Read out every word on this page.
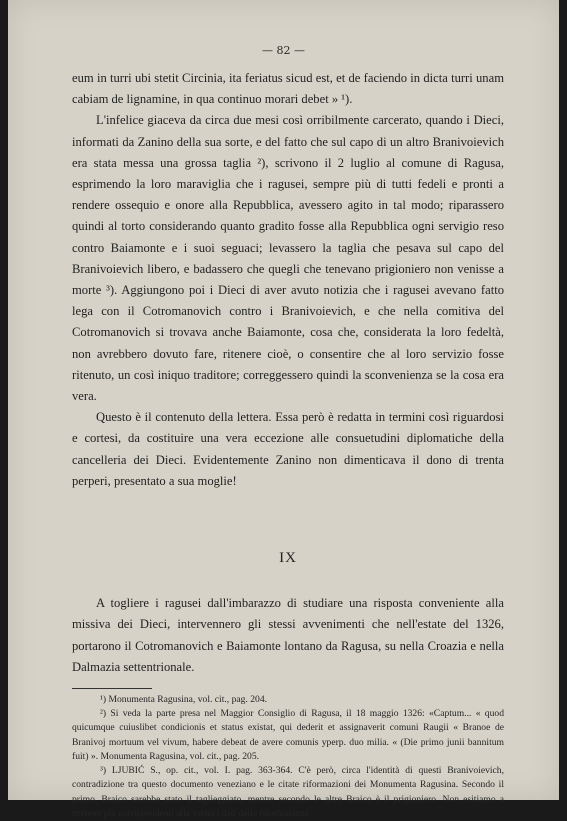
— 82 —

eum in turri ubi stetit Circinia, ita feriatus sicud est, et de faciendo in dicta turri unam cabiam de lignamine, in qua continuo morari debet » ¹).

L'infelice giaceva da circa due mesi così orribilmente carcerato, quando i Dieci, informati da Zanino della sua sorte, e del fatto che sul capo di un altro Branivoievich era stata messa una grossa taglia ²), scrivono il 2 luglio al comune di Ragusa, esprimendo la loro maraviglia che i ragusei, sempre più di tutti fedeli e pronti a rendere ossequio e onore alla Repubblica, avessero agito in tal modo; riparassero quindi al torto considerando quanto gradito fosse alla Repubblica ogni servigio reso contro Baiamonte e i suoi seguaci; levassero la taglia che pesava sul capo del Branivoievich libero, e badassero che quegli che tenevano prigioniero non venisse a morte ³). Aggiungono poi i Dieci di aver avuto notizia che i ragusei avevano fatto lega con il Cotromanovich contro i Branivoievich, e che nella comitiva del Cotromanovich si trovava anche Baiamonte, cosa che, considerata la loro fedeltà, non avrebbero dovuto fare, ritenere cioè, o consentire che al loro servizio fosse ritenuto, un così iniquo traditore; correggessero quindi la sconvenienza se la cosa era vera.

Questo è il contenuto della lettera. Essa però è redatta in termini così riguardosi e cortesi, da costituire una vera eccezione alle consuetudini diplomatiche della cancelleria dei Dieci. Evidentemente Zanino non dimenticava il dono di trenta perperi, presentato a sua moglie!

IX

A togliere i ragusei dall'imbarazzo di studiare una risposta conveniente alla missiva dei Dieci, intervennero gli stessi avvenimenti che nell'estate del 1326, portarono il Cotromanovich e Baiamonte lontano da Ragusa, su nella Croazia e nella Dalmazia settentrionale.

¹) Monumenta Ragusina, vol. cit., pag. 204.

²) Si veda la parte presa nel Maggior Consiglio di Ragusa, il 18 maggio 1326: «Captum... « quod quicumque cuiuslibet condicionis et status existat, qui dederit et assignaverit comuni Raugii « Branoe de Branivoj mortuum vel vivum, habere debeat de avere comunis yperp. duo milia. « (Die primo junii bannitum fuit) ». Monumenta Ragusina, vol. cit., pag. 205.

³) LJUBIĆ S., op. cit., vol. I. pag. 363-364. C'è però, circa l'identità di questi Branivoievich, contradizione tra questo documento veneziano e le citate riformazioni dei Monumenta Ragusina. Secondo il primo, Braico sarebbe stato il taglieggiato, mentre secondo le altre Braico è il prigioniero. Non esitiamo a ritenere più corrispondenti alla verità i dati delle riformazioni.
